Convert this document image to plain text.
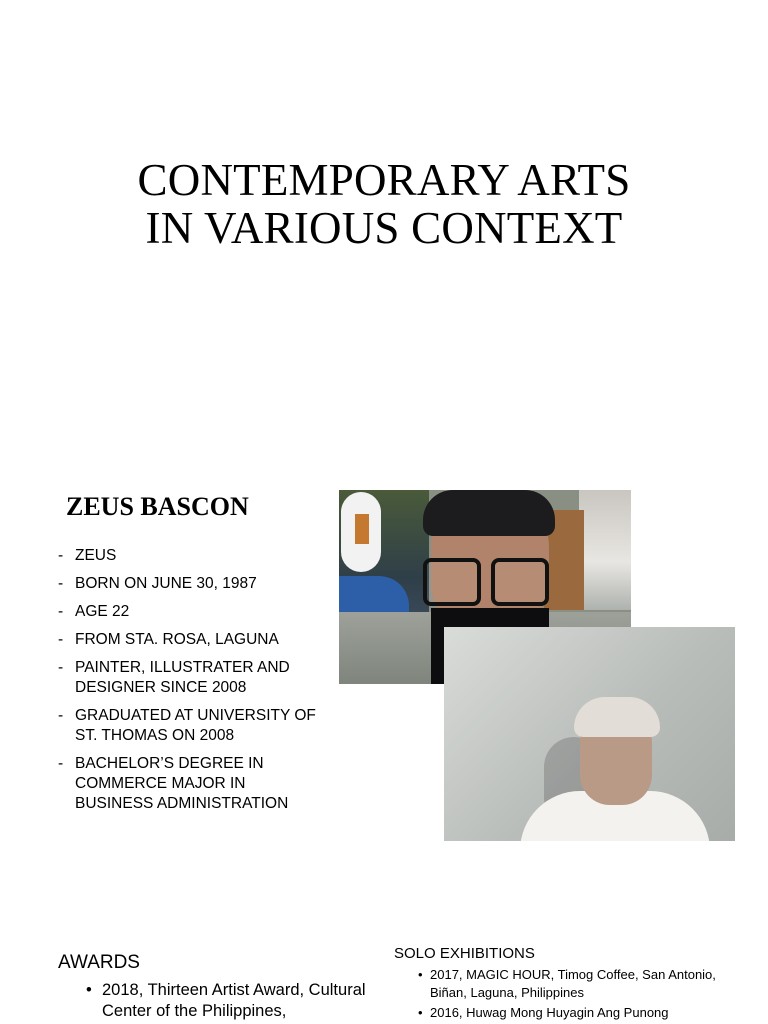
CONTEMPORARY ARTS
IN VARIOUS CONTEXT
ZEUS BASCON
- ZEUS
- BORN ON JUNE 30, 1987
- AGE 22
- FROM STA. ROSA, LAGUNA
- PAINTER, ILLUSTRATER AND DESIGNER SINCE 2008
- GRADUATED AT UNIVERSITY OF ST. THOMAS ON 2008
- BACHELOR’S DEGREE IN COMMERCE MAJOR IN BUSINESS ADMINISTRATION
AWARDS
• 2018, Thirteen Artist Award, Cultural Center of the Philippines,
SOLO EXHIBITIONS
• 2017, MAGIC HOUR, Timog Coffee, San Antonio, Biñan, Laguna, Philippines
• 2016, Huwag Mong Huyagin Ang Punong
